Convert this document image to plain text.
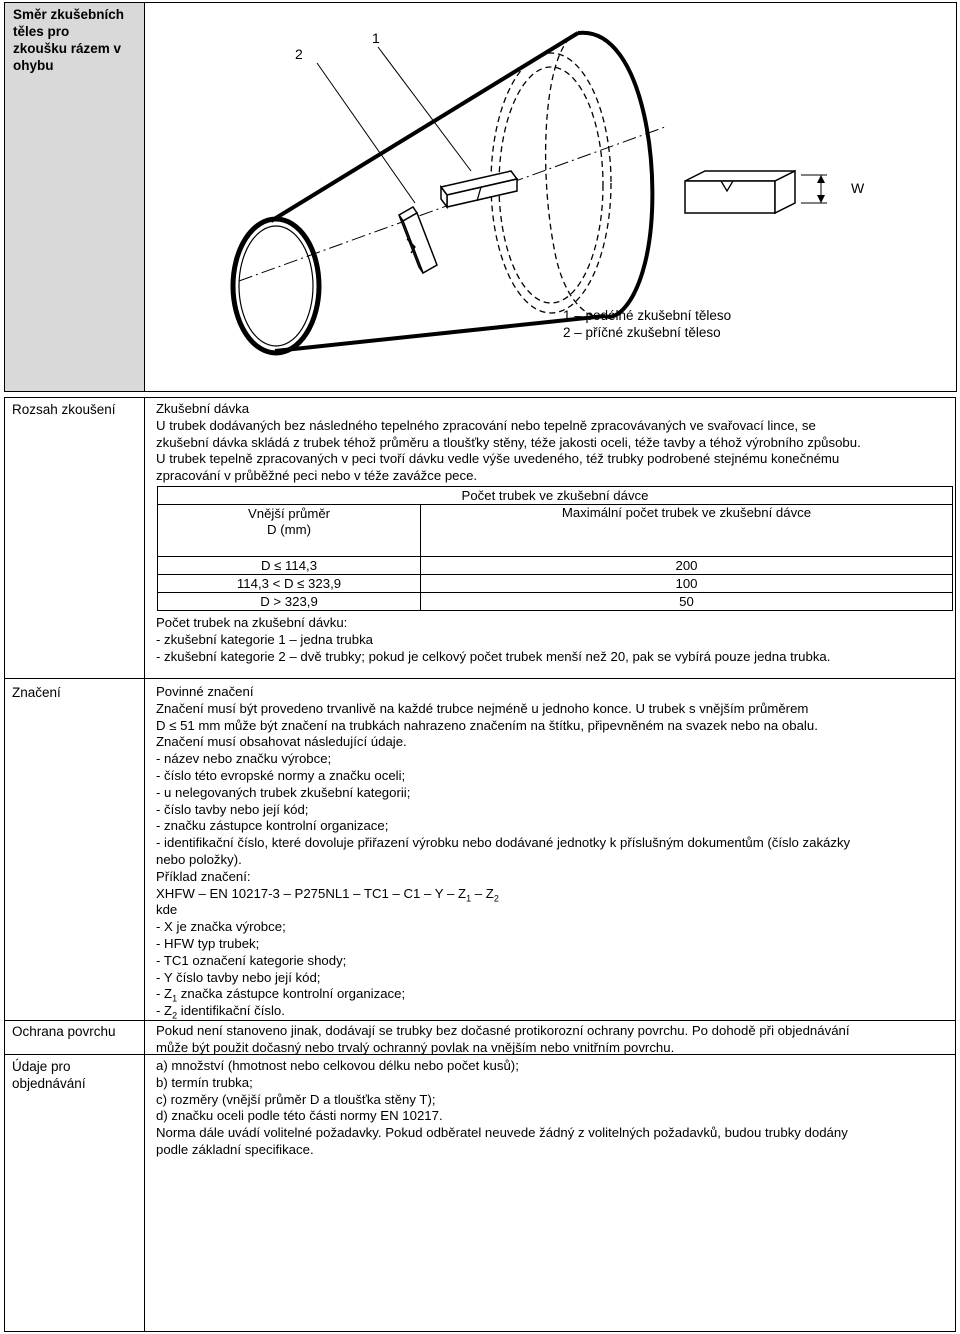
Směr zkušebních
těles pro
zkoušku rázem v
ohybu
W
2
1
1 – podélné zkušební těleso
2 – příčné zkušební těleso
Rozsah zkoušení	Zkušební dávka
U trubek dodávaných bez následného tepelného zpracování nebo tepelně zpracovávaných ve svařovací lince, se
zkušební dávka skládá z trubek téhož průměru a tloušťky stěny, téže jakosti oceli, téže tavby a téhož výrobního způsobu.
U trubek tepelně zpracovaných v peci tvoří dávku vedle výše uvedeného, též trubky podrobené stejnému konečnému
zpracování v průběžné peci nebo v téže zavážce pece.
Počet trubek ve zkušební dávce	

Vnější průměr
D (mm)	Maximální počet trubek ve zkušební dávce

D ≤ 114,3	200
114,3 < D ≤ 323,9	100
D > 323,9	50
Počet trubek na zkušební dávku:
- zkušební kategorie 1 – jedna trubka
- zkušební kategorie 2 – dvě trubky; pokud je celkový počet trubek menší než 20, pak se vybírá pouze jedna trubka.
Značení	Povinné značení
Značení musí být provedeno trvanlivě na každé trubce nejméně u jednoho konce. U trubek s vnějším průměrem
D ≤ 51 mm může být značení na trubkách nahrazeno značením na štítku, připevněném na svazek nebo na obalu.
Značení musí obsahovat následující údaje.
- název nebo značku výrobce;
- číslo této evropské normy a značku oceli;
- u nelegovaných trubek zkušební kategorii;
- číslo tavby nebo její kód;
- značku zástupce kontrolní organizace;
- identifikační číslo, které dovoluje přiřazení výrobku nebo dodávané jednotky k příslušným dokumentům (číslo zakázky
nebo položky).
Příklad značení:
XHFW – EN 10217-3 – P275NL1 – TC1 – C1 – Y – $Z_1 - Z_2$
kde
- X je značka výrobce;
- HFW typ trubek;
- TC1 označení kategorie shody;
- Y číslo tavby nebo její kód;
- $Z_1$ značka zástupce kontrolní organizace;
- $Z_2$ identifikační číslo.
Ochrana povrchu	Pokud není stanoveno jinak, dodávají se trubky bez dočasné protikorozní ochrany povrchu. Po dohodě při objednávání
může být použit dočasný nebo trvalý ochranný povlak na vnějším nebo vnitřním povrchu.
Údaje pro
objednávání
a) množství (hmotnost nebo celkovou délku nebo počet kusů);
b) termín trubka;
c) rozměry (vnější průměr D a tloušťka stěny T);
d) značku oceli podle této části normy EN 10217.
Norma dále uvádí volitelné požadavky. Pokud odběratel neuvede žádný z volitelných požadavků, budou trubky dodány
podle základní specifikace.
